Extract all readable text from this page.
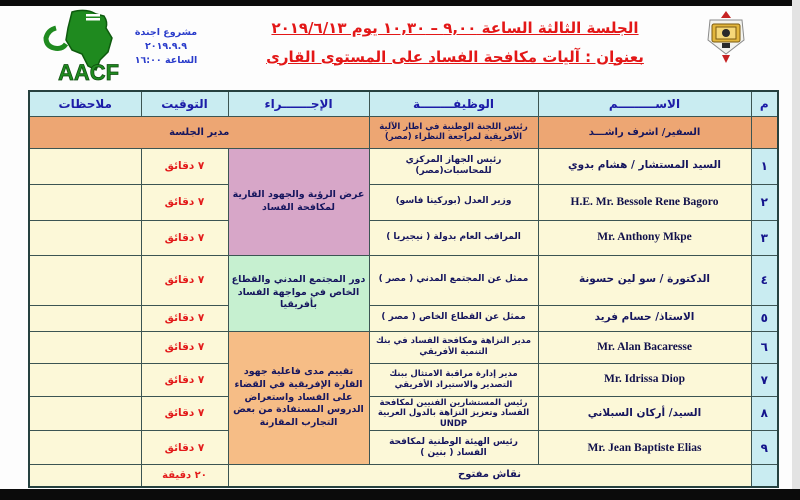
الجلسة الثالثة الساعة ٩,٠٠ – ١٠,٣٠ يوم ٢٠١٩/٦/١٣
بعنوان : آليات مكافحة الفساد على المستوى القارى
مشروع اجندة
٢٠١٩.٩.٩
الساعة ١٦:٠٠
AACF
م	الاســـــــــم	الوظيفــــــــة	الإجـــــــراء	التوقيت	ملاحظات
	السفير/ اشرف راشـــد	رئيس اللجنة الوطنية في اطار الآلية الأفريقية لمراجعة النظراء (مصر)	مدير الجلسة		
١	السيد المستشار / هشام بدوي	رئيس الجهاز المركزي للمحاسبات(مصر)	عرض الرؤية والجهود القارية لمكافحة الفساد	٧ دقائق	
٢	H.E. Mr. Bessole Rene Bagoro	وزير العدل (بوركينا فاسو)		٧ دقائق	
٣	Mr. Anthony Mkpe	المراقب العام بدولة ( نيجيريا )		٧ دقائق	
٤	الدكتورة / سو لين حسونة	ممثل عن المجتمع المدني ( مصر )	دور المجتمع المدني والقطاع الخاص في مواجهة الفساد بأفريقيا	٧ دقائق	
٥	الاستاذ/ حسام فريد	ممثل عن القطاع الخاص ( مصر )		٧ دقائق	
٦	Mr. Alan Bacaresse	مدير النزاهة ومكافحة الفساد في بنك التنمية الأفريقي	تقييم مدى فاعلية جهود القارة الإفريقية في القضاء على الفساد واستعراض الدروس المستفادة من بعض التجارب المقارنة	٧ دقائق	
٧	Mr. Idrissa Diop	مدير إدارة مراقبة الامتثال ببنك التصدير والاستيراد الأفريقي		٧ دقائق	
٨	السيد/ أركان السبلاني	رئيس المستشارين الفنيين لمكافحة الفساد وتعزيز النزاهة بالدول العربية UNDP		٧ دقائق	
٩	Mr. Jean Baptiste Elias	رئيس الهيئة الوطنية لمكافحة الفساد ( بنين )		٧ دقائق	
	نقاش مفتوح			٢٠ دقيقة	
